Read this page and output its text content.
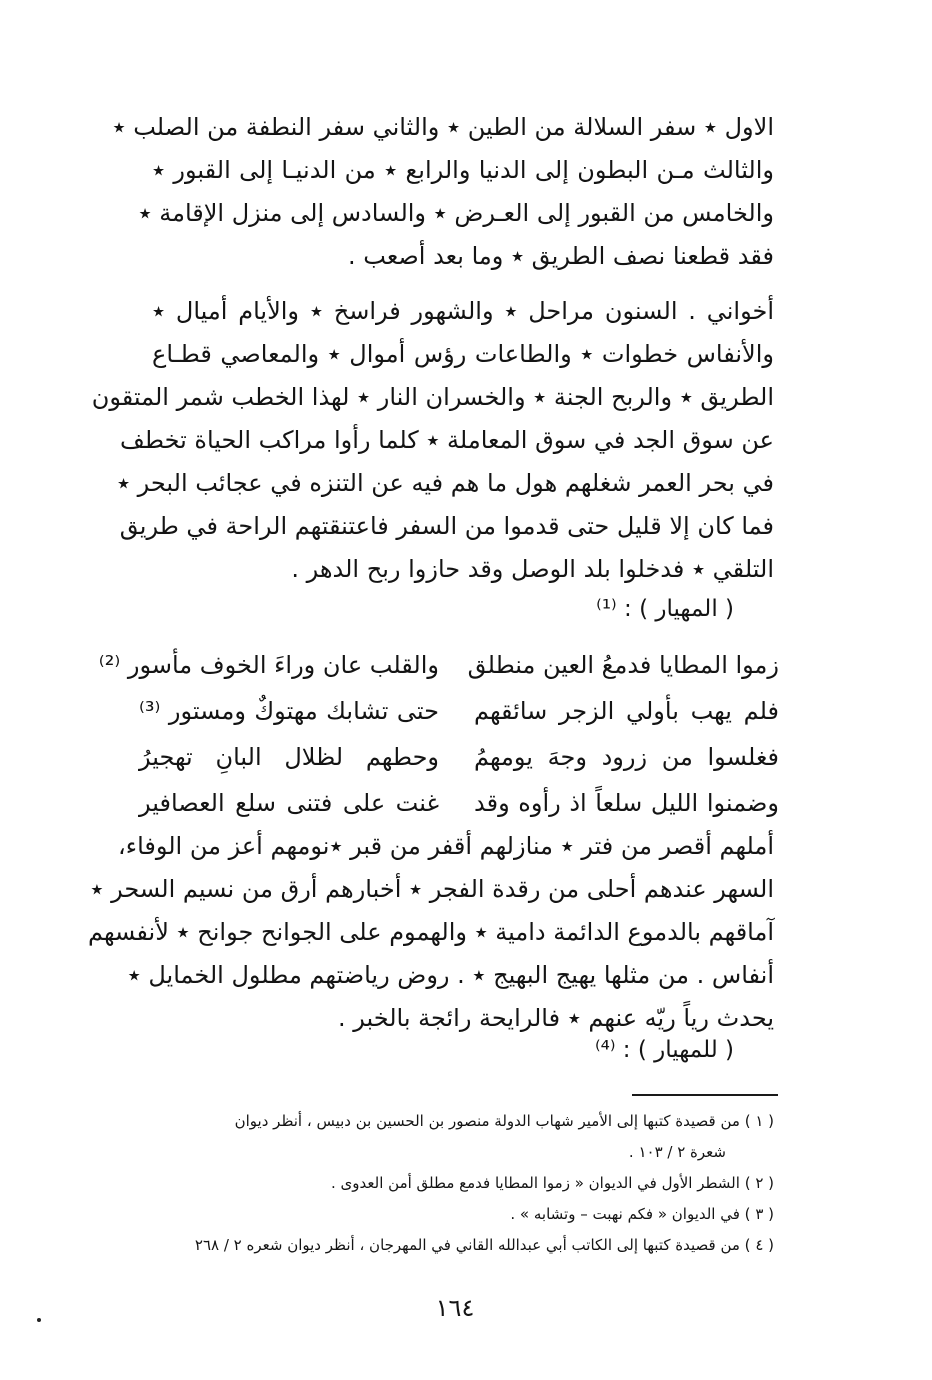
الاول ٭ سفر السلالة من الطين ٭ والثاني سفر النطفة من الصلب ٭
والثالث مـن البطون إلى الدنيا والرابع ٭ من الدنيـا إلى القبور ٭
والخامس من القبور إلى العـرض ٭ والسادس إلى منزل الإقامة ٭
فقد قطعنا نصف الطريق ٭ وما بعد أصعب .
أخواني . السنون مراحل ٭ والشهور فراسخ ٭ والأيام أميال ٭
والأنفاس خطوات ٭ والطاعات رؤس أموال ٭ والمعاصي قطـاع
الطريق ٭ والربح الجنة ٭ والخسران النار ٭ لهذا الخطب شمر المتقون
عن سوق الجد في سوق المعاملة ٭ كلما رأوا مراكب الحياة تخطف
في بحر العمر شغلهم هول ما هم فيه عن التنزه في عجائب البحر ٭
فما كان إلا قليل حتى قدموا من السفر فاعتنقتهم الراحة في طريق
التلقي ٭ فدخلوا بلد الوصل وقد حازوا ربح الدهر .
( المهيار ) : ⁽¹⁾
زموا المطايا فدمعُ العين منطلق
والقلب عان وراءَ الخوف مأسور ⁽²⁾
فلم يهب بأولي الزجر سائقهم
حتى تشابك مهتوكٌ ومستور ⁽³⁾
فغلسوا من زرود وجهَ يومهمُ
وحطهم لظلال البانِ تهجيرُ
وضمنوا الليل سلعاً اذ رأوه وقد
غنت على فتنى سلع العصافير
أملهم أقصر من فتر ٭ منازلهم أقفر من قبر ٭نومهم أعز من الوفاء،
السهر عندهم أحلى من رقدة الفجر ٭ أخبارهم أرق من نسيم السحر ٭
آماقهم بالدموع الدائمة دامية ٭ والهموم على الجوانح جوانح ٭ لأنفسهم
أنفاس . من مثلها يهيج البهيج ٭ . روض رياضتهم مطلول الخمايل ٭
يحدث رياً ريّه عنهم ٭ فالرايحة رائجة بالخبر .
( للمهيار ) : ⁽⁴⁾
( ١ ) من قصيدة كتبها إلى الأمير شهاب الدولة منصور بن الحسين بن دبيس ، أنظر ديوان
شعرة ٢ / ١٠٣ .
( ٢ ) الشطر الأول في الديوان « زموا المطايا فدمع مطلق أمن العدوى .
( ٣ ) في الديوان « فكم نهبت – وتشابه » .
( ٤ ) من قصيدة كتبها إلى الكاتب أبي عبدالله القاني في المهرجان ، أنظر ديوان شعره ٢ / ٢٦٨
١٦٤
